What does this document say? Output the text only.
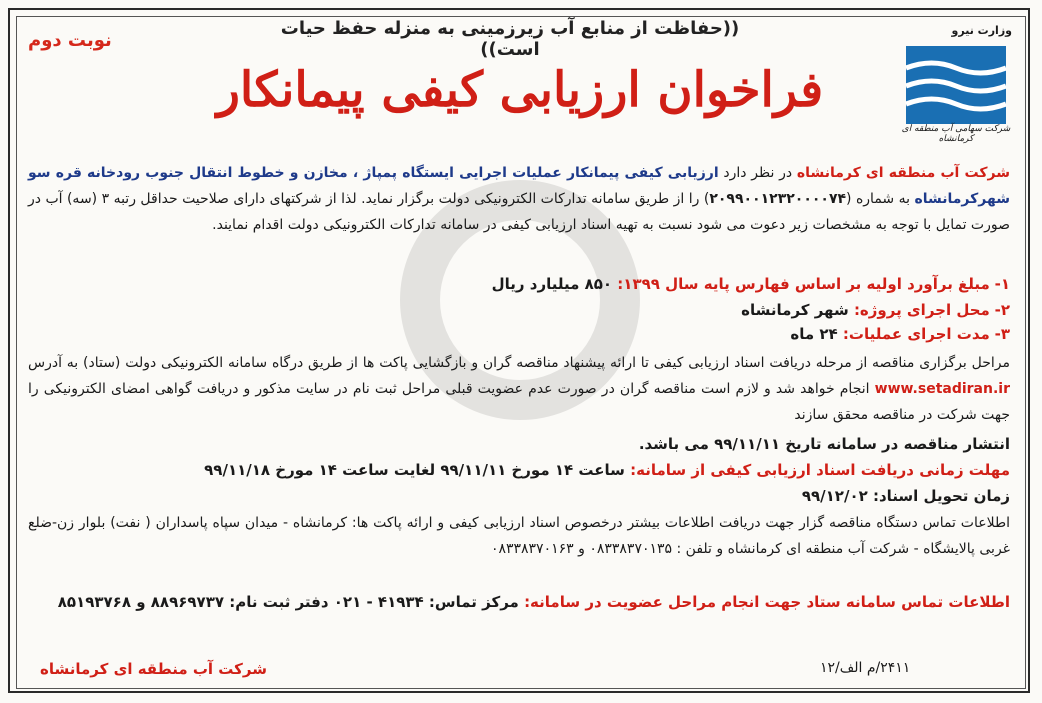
((حفاظت از منابع آب زیرزمینی به منزله حفظ حیات است))
نوبت دوم	وزارت نیرو
شرکت سهامی آب منطقه ای کرمانشاه
فراخوان ارزیابی کیفی پیمانکار
شرکت آب منطقه ای کرمانشاه در نظر دارد ارزیابی کیفی پیمانکار عملیات اجرایی ایستگاه پمپاژ ، مخازن و خطوط انتقال جنوب رودخانه قره سو شهرکرمانشاه به شماره (۲۰۹۹۰۰۱۲۳۲۰۰۰۰۷۴) را از طریق سامانه تدارکات الکترونیکی دولت برگزار نماید. لذا از شرکتهای دارای صلاحیت حداقل رتبه ۳ (سه) آب در صورت تمایل با توجه به مشخصات زیر دعوت می شود نسبت به تهیه اسناد ارزیابی کیفی در سامانه تدارکات الکترونیکی دولت اقدام نمایند.
۱- مبلغ برآورد اولیه بر اساس فهارس پایه سال ۱۳۹۹: ۸۵۰ میلیارد ریال
۲- محل اجرای پروژه: شهر کرمانشاه
۳- مدت اجرای عملیات: ۲۴ ماه
مراحل برگزاری مناقصه از مرحله دریافت اسناد ارزیابی کیفی تا ارائه پیشنهاد مناقصه گران و بازگشایی پاکت ها از طریق درگاه سامانه الکترونیکی دولت (ستاد) به آدرس www.setadiran.ir انجام خواهد شد و لازم است مناقصه گران در صورت عدم عضویت قبلی مراحل ثبت نام در سایت مذکور و دریافت گواهی امضای الکترونیکی را جهت شرکت در مناقصه محقق سازند
انتشار مناقصه در سامانه تاریخ ۹۹/۱۱/۱۱ می باشد.
مهلت زمانی دریافت اسناد ارزیابی کیفی از سامانه: ساعت ۱۴ مورخ ۹۹/۱۱/۱۱ لغایت ساعت ۱۴ مورخ ۹۹/۱۱/۱۸
زمان تحویل اسناد: ۹۹/۱۲/۰۲
اطلاعات تماس دستگاه مناقصه گزار جهت دریافت اطلاعات بیشتر درخصوص اسناد ارزیابی کیفی و ارائه پاکت ها: کرمانشاه - میدان سپاه پاسداران ( نفت) بلوار زن-ضلع غربی پالایشگاه - شرکت آب منطقه ای کرمانشاه و تلفن : ۰۸۳۳۸۳۷۰۱۳۵ و ۰۸۳۳۸۳۷۰۱۶۳
اطلاعات تماس سامانه ستاد جهت انجام مراحل عضویت در سامانه: مرکز تماس: ۴۱۹۳۴ - ۰۲۱ دفتر ثبت نام: ۸۸۹۶۹۷۳۷ و ۸۵۱۹۳۷۶۸
شرکت آب منطقه ای کرمانشاه	۲۴۱۱/م الف/۱۲
